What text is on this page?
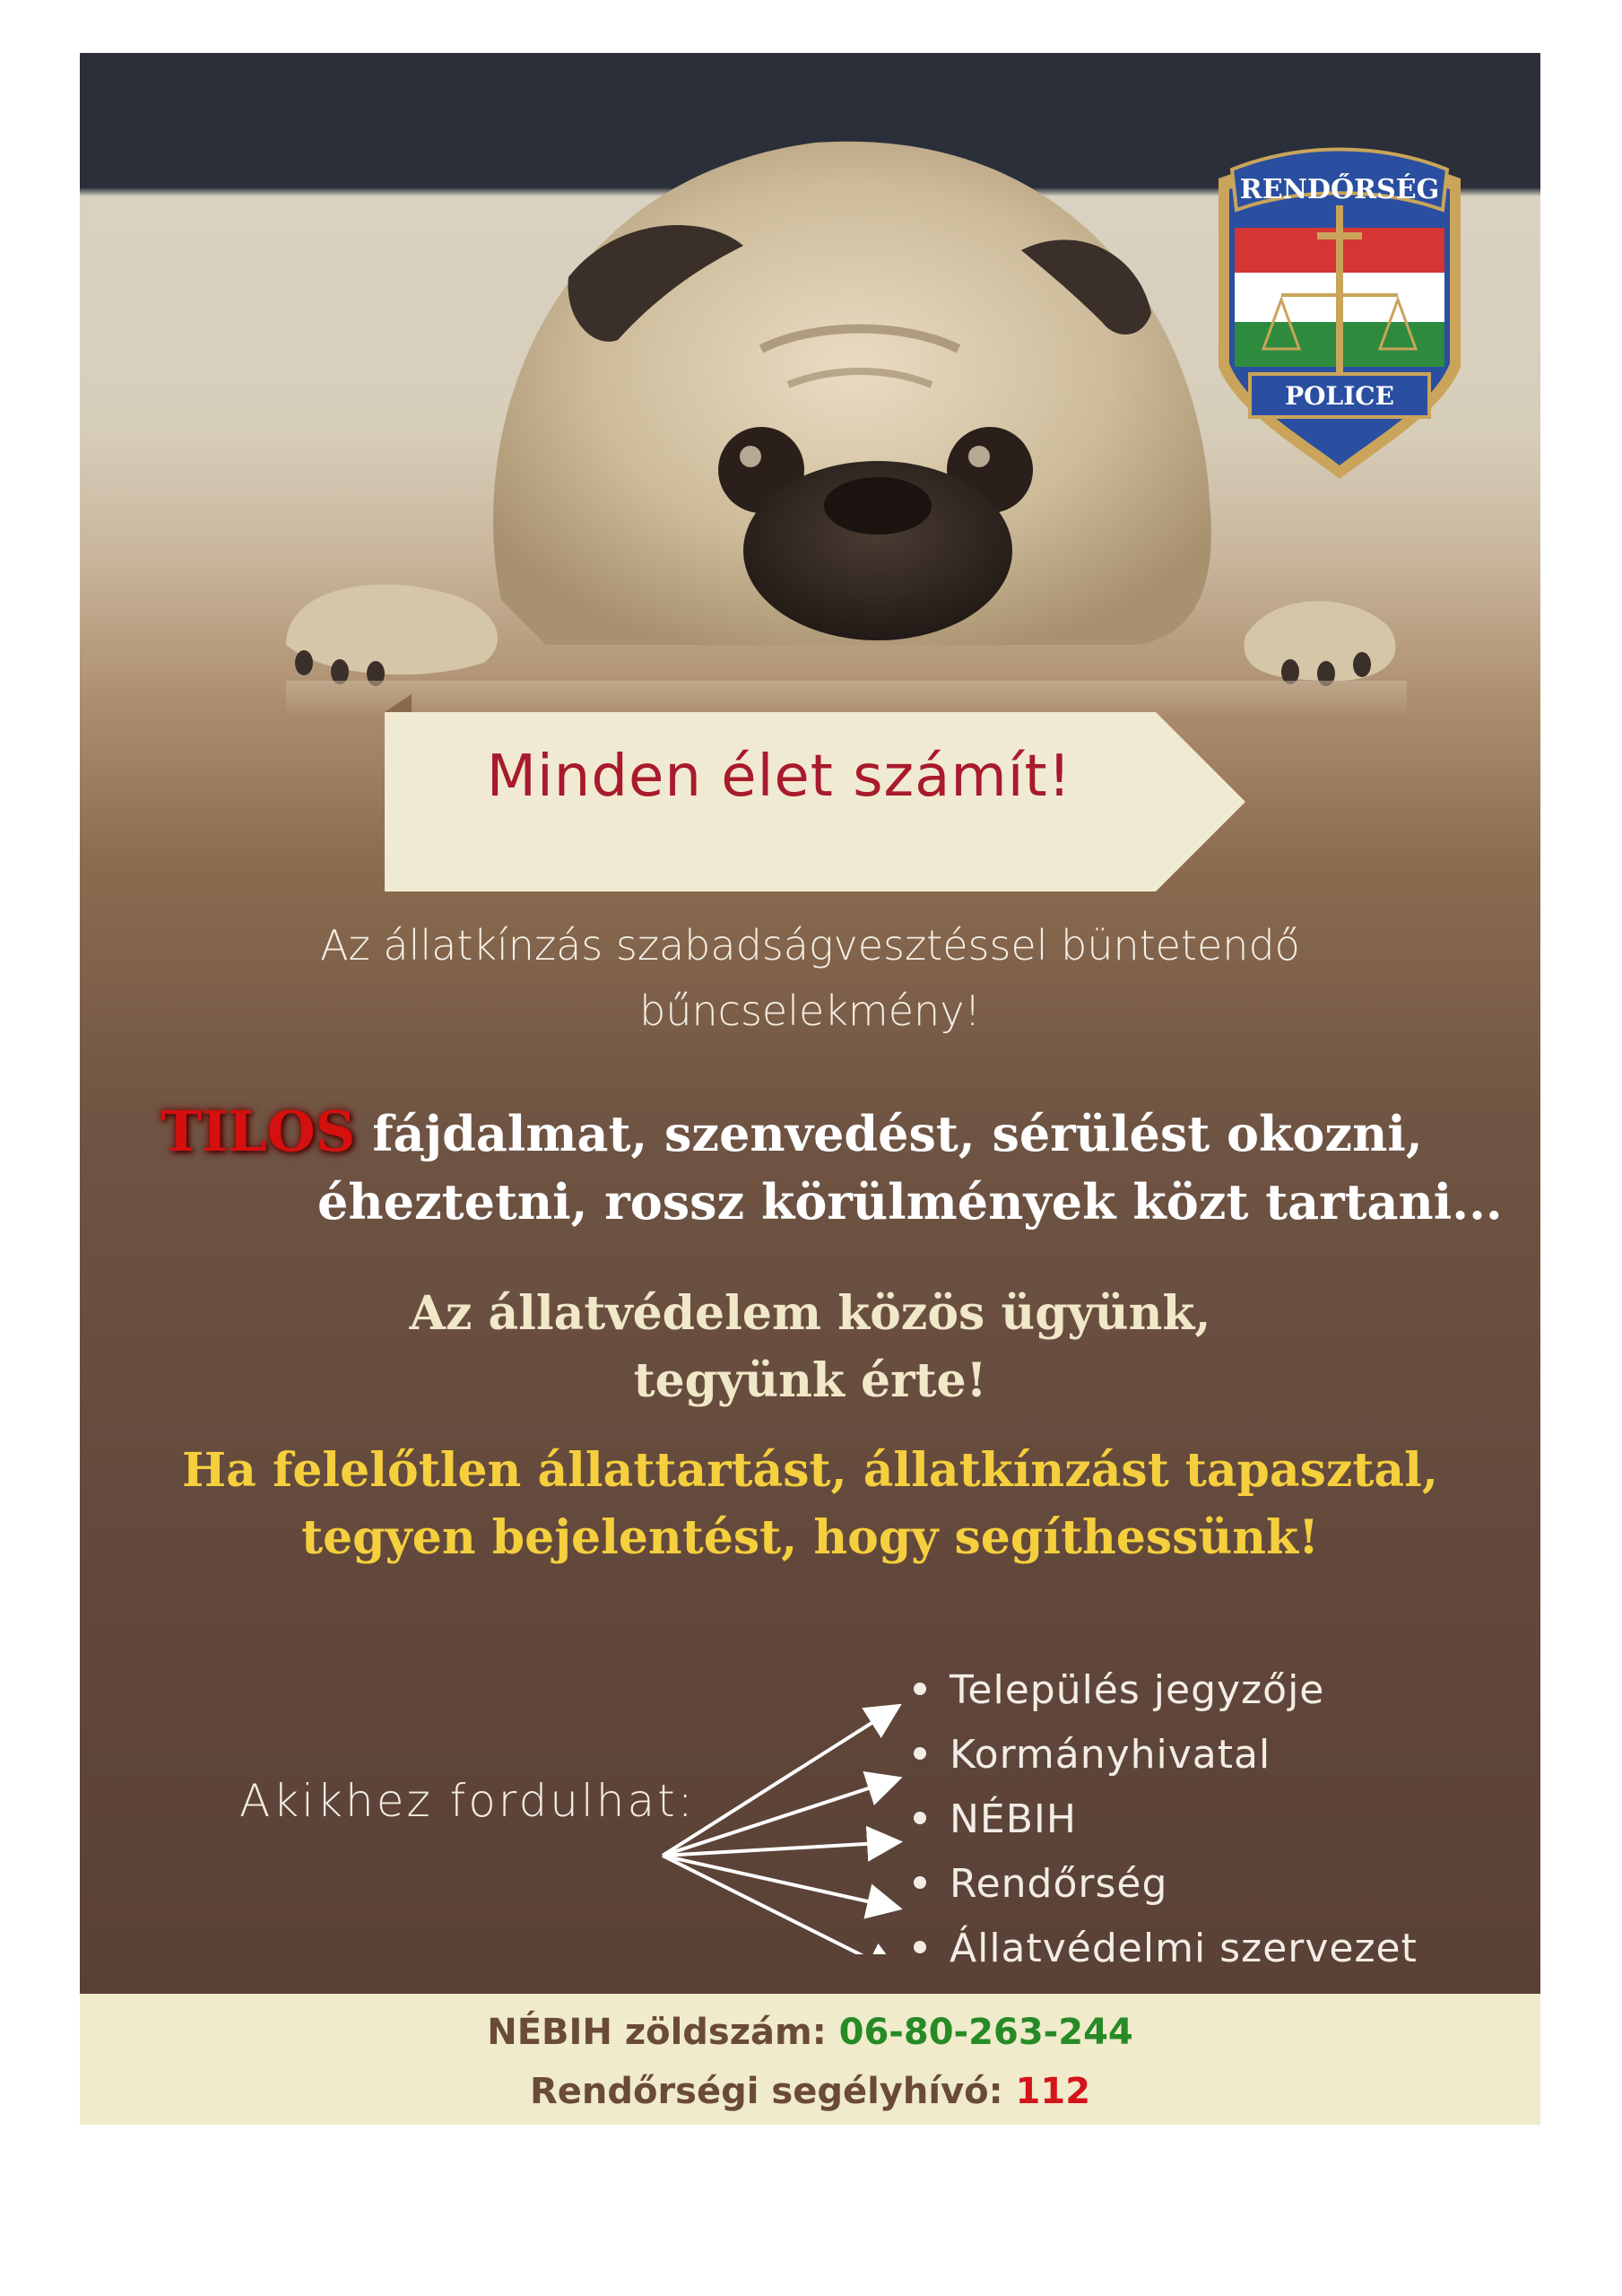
RENDŐRSÉG
POLICE
Minden élet számít!
Az állatkínzás szabadságvesztéssel büntetendő
bűncselekmény!
TILOS fájdalmat, szenvedést, sérülést okozni,
éheztetni, rossz körülmények közt tartani...
Az állatvédelem közös ügyünk,
tegyünk érte!
Ha felelőtlen állattartást, állatkínzást tapasztal,
tegyen bejelentést, hogy segíthessünk!
Akikhez fordulhat:
Település jegyzője
Kormányhivatal
NÉBIH
Rendőrség
Állatvédelmi szervezet
NÉBIH zöldszám: 06-80-263-244
Rendőrségi segélyhívó: 112
